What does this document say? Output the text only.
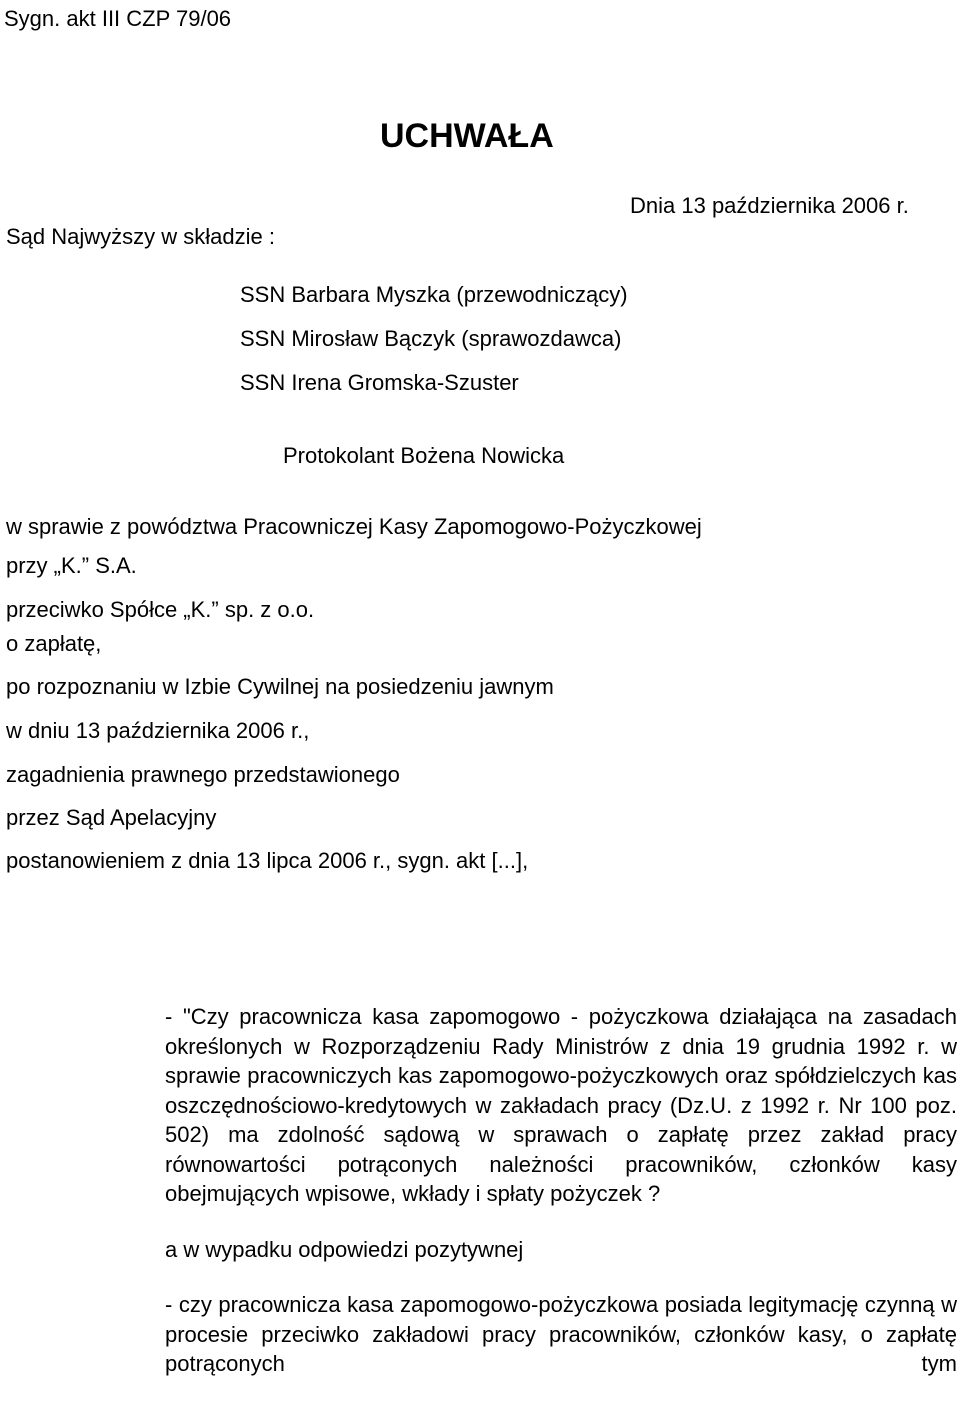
Sygn. akt III CZP 79/06

UCHWAŁA

Dnia 13 października 2006 r.

Sąd Najwyższy w składzie :

SSN Barbara Myszka (przewodniczący)
SSN Mirosław Bączyk (sprawozdawca)
SSN Irena Gromska-Szuster

Protokolant Bożena Nowicka

w sprawie z powództwa Pracowniczej Kasy Zapomogowo-Pożyczkowej
przy „K.” S.A.
przeciwko Spółce „K.” sp. z o.o.
o zapłatę,
po rozpoznaniu w Izbie Cywilnej na posiedzeniu jawnym
w dniu 13 października 2006 r.,
zagadnienia prawnego przedstawionego
przez Sąd Apelacyjny
postanowieniem z dnia 13 lipca 2006 r., sygn. akt [...],

- "Czy pracownicza kasa zapomogowo - pożyczkowa działająca na zasadach określonych w Rozporządzeniu Rady Ministrów z dnia 19 grudnia 1992 r. w sprawie pracowniczych kas zapomogowo-pożyczkowych oraz spółdzielczych kas oszczędnościowo-kredytowych w zakładach pracy (Dz.U. z 1992 r. Nr 100 poz. 502) ma zdolność sądową w sprawach o zapłatę przez zakład pracy równowartości potrąconych należności pracowników, członków kasy obejmujących wpisowe, wkłady i spłaty pożyczek ?

a w wypadku odpowiedzi pozytywnej

- czy pracownicza kasa zapomogowo-pożyczkowa posiada legitymację czynną w procesie przeciwko zakładowi pracy pracowników, członków kasy, o zapłatę potrąconych tym
